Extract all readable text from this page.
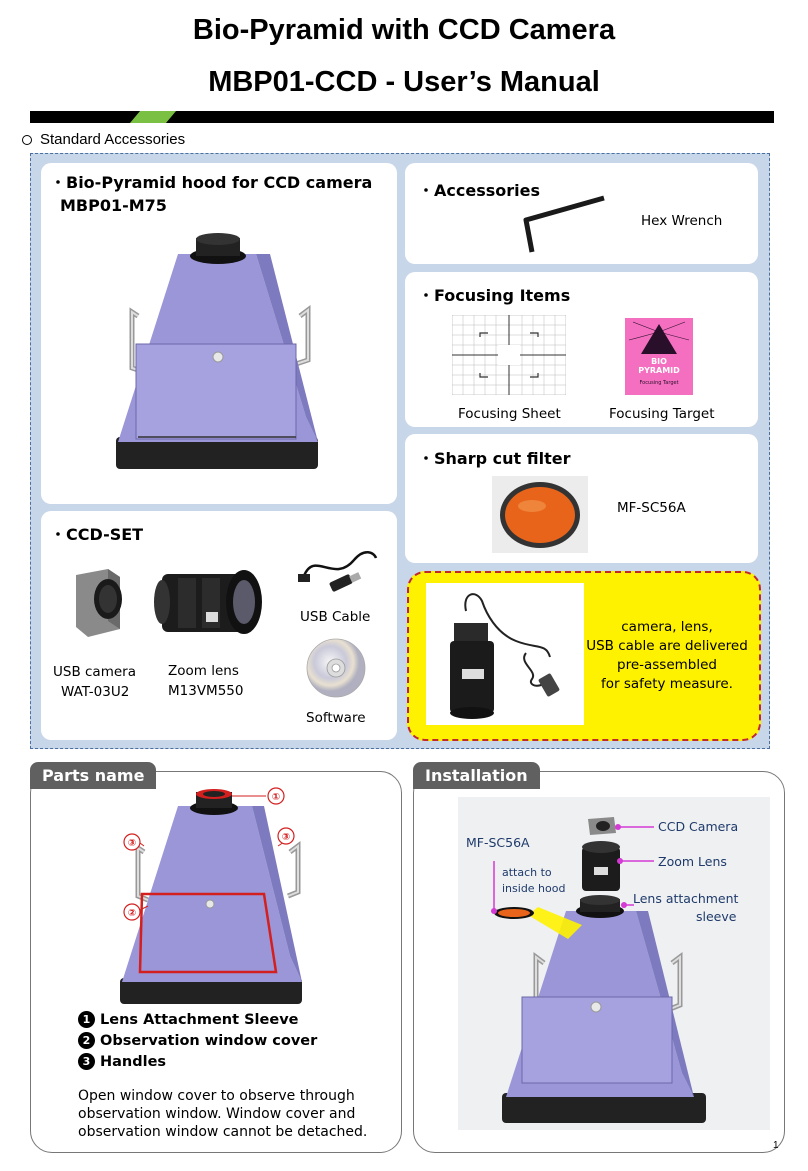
Bio-Pyramid with CCD Camera
MBP01-CCD - User’s Manual
Standard Accessories
・Bio-Pyramid hood for CCD camera
MBP01-M75
・Accessories
Hex Wrench
・Focusing Items
BIO
PYRAMID
Focusing Target
Focusing Sheet	Focusing Target
・Sharp cut filter
MF-SC56A
・CCD-SET
USB Cable
Software
USB camera
WAT-03U2
Zoom lens
M13VM550
camera, lens,
USB cable are delivered
pre-assembled
for safety measure.
Parts name
①
③
③
②
1 Lens Attachment Sleeve
2 Observation window cover
3 Handles
Open window cover to observe through observation window. Window cover and observation window cannot be detached.
Installation
CCD Camera
Zoom Lens
Lens attachment
sleeve
MF-SC56A
attach to
inside hood
1
